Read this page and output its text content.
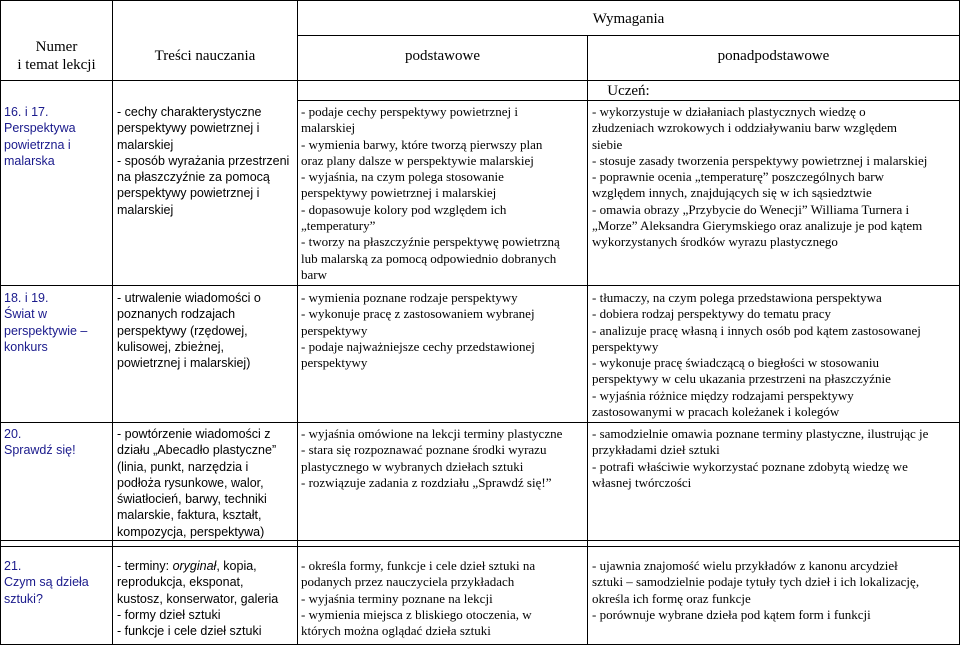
Numer
i temat lekcji
Treści nauczania
Wymagania
podstawowe	ponadpodstawowe
Uczeń:
16. i 17.
Perspektywa
powietrzna i
malarska
- cechy charakterystyczne
perspektywy powietrznej i
malarskiej
- sposób wyrażania przestrzeni
na płaszczyźnie za pomocą
perspektywy powietrznej i
malarskiej
- podaje cechy perspektywy powietrznej i
malarskiej
- wymienia barwy, które tworzą pierwszy plan
oraz plany dalsze w perspektywie malarskiej
- wyjaśnia, na czym polega stosowanie
perspektywy powietrznej i malarskiej
- dopasowuje kolory pod względem ich
„temperatury”
- tworzy na płaszczyźnie perspektywę powietrzną
lub malarską za pomocą odpowiednio dobranych
barw
- wykorzystuje w działaniach plastycznych wiedzę o
złudzeniach wzrokowych i oddziaływaniu barw względem
siebie
- stosuje zasady tworzenia perspektywy powietrznej i malarskiej
- poprawnie ocenia „temperaturę” poszczególnych barw
względem innych, znajdujących się w ich sąsiedztwie
- omawia obrazy „Przybycie do Wenecji” Williama Turnera i
„Morze” Aleksandra Gierymskiego oraz analizuje je pod kątem
wykorzystanych środków wyrazu plastycznego
18. i 19.
Świat w
perspektywie –
konkurs
- utrwalenie wiadomości o
poznanych rodzajach
perspektywy (rzędowej,
kulisowej, zbieżnej,
powietrznej i malarskiej)
- wymienia poznane rodzaje perspektywy
- wykonuje pracę z zastosowaniem wybranej
perspektywy
- podaje najważniejsze cechy przedstawionej
perspektywy
- tłumaczy, na czym polega przedstawiona perspektywa
- dobiera rodzaj perspektywy do tematu pracy
- analizuje pracę własną i innych osób pod kątem zastosowanej
perspektywy
- wykonuje pracę świadczącą o biegłości w stosowaniu
perspektywy w celu ukazania przestrzeni na płaszczyźnie
- wyjaśnia różnice między rodzajami perspektywy
zastosowanymi w pracach koleżanek i kolegów
20.
Sprawdź się!
- powtórzenie wiadomości z
działu „Abecadło plastyczne”
(linia, punkt, narzędzia i
podłoża rysunkowe, walor,
światłocień, barwy, techniki
malarskie, faktura, kształt,
kompozycja, perspektywa)
- wyjaśnia omówione na lekcji terminy plastyczne
- stara się rozpoznawać poznane środki wyrazu
plastycznego w wybranych dziełach sztuki
- rozwiązuje zadania z rozdziału „Sprawdź się!”
- samodzielnie omawia poznane terminy plastyczne, ilustrując je
przykładami dzieł sztuki
- potrafi właściwie wykorzystać poznane zdobytą wiedzę we
własnej twórczości
21.
Czym są dzieła
sztuki?
- terminy: oryginał, kopia,
reprodukcja, eksponat,
kustosz, konserwator, galeria
- formy dzieł sztuki
- funkcje i cele dzieł sztuki
- określa formy, funkcje i cele dzieł sztuki na
podanych przez nauczyciela przykładach
- wyjaśnia terminy poznane na lekcji
- wymienia miejsca z bliskiego otoczenia, w
których można oglądać dzieła sztuki
- ujawnia znajomość wielu przykładów z kanonu arcydzieł
sztuki – samodzielnie podaje tytuły tych dzieł i ich lokalizację,
określa ich formę oraz funkcje
- porównuje wybrane dzieła pod kątem form i funkcji
